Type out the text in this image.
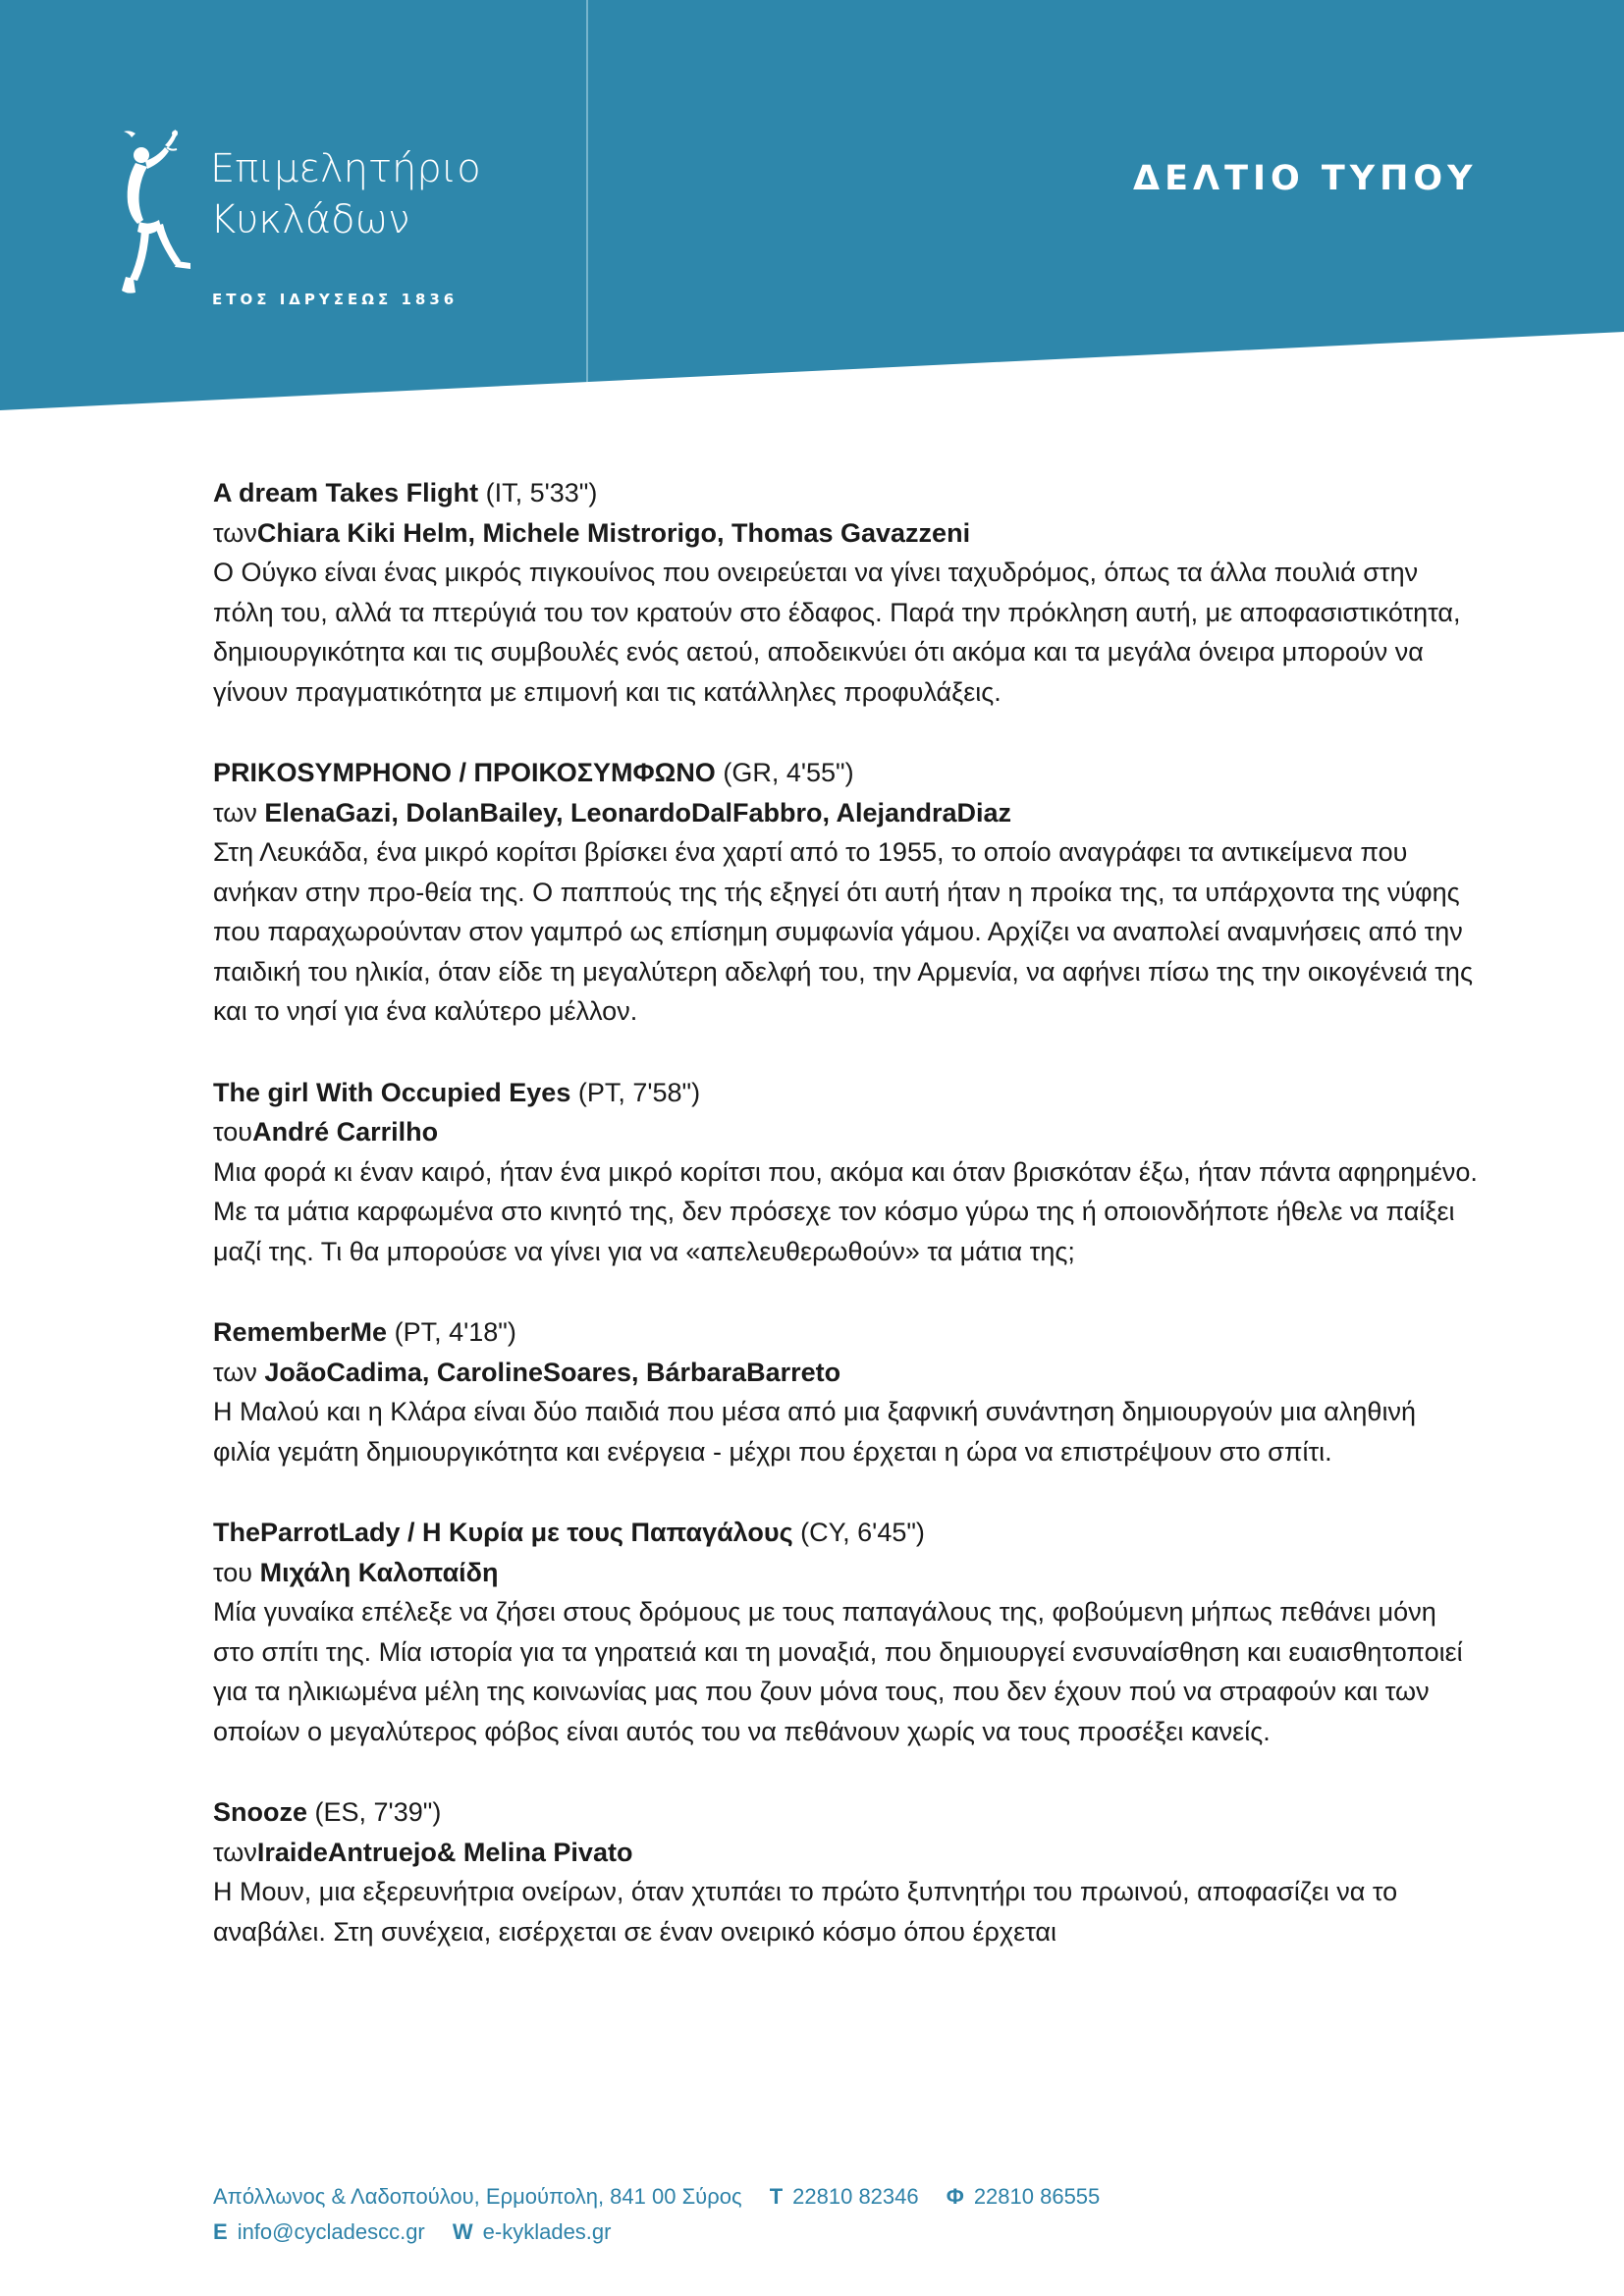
Επιμελητήριο
Κυκλάδων
ΕΤΟΣ ΙΔΡΥΣΕΩΣ 1836
ΔΕΛΤΙΟ ΤΥΠΟΥ

A dream Takes Flight (IT, 5'33")

τωνChiara Kiki Helm, Michele Mistrorigo, Thomas Gavazzeni

Ο Ούγκο είναι ένας μικρός πιγκουίνος που ονειρεύεται να γίνει ταχυδρόμος, όπως τα άλλα πουλιά στην πόλη του, αλλά τα πτερύγιά του τον κρατούν στο έδαφος. Παρά την πρόκληση αυτή, με αποφασιστικότητα, δημιουργικότητα και τις συμβουλές ενός αετού, αποδεικνύει ότι ακόμα και τα μεγάλα όνειρα μπορούν να γίνουν πραγματικότητα με επιμονή και τις κατάλληλες προφυλάξεις.

PRIKOSYMPHONO / ΠΡΟΙΚΟΣΥΜΦΩΝΟ (GR, 4'55")

των ElenaGazi, DolanBailey, LeonardoDalFabbro, AlejandraDiaz

Στη Λευκάδα, ένα μικρό κορίτσι βρίσκει ένα χαρτί από το 1955, το οποίο αναγράφει τα αντικείμενα που ανήκαν στην προ-θεία της. Ο παππούς της τής εξηγεί ότι αυτή ήταν η προίκα της, τα υπάρχοντα της νύφης που παραχωρούνταν στον γαμπρό ως επίσημη συμφωνία γάμου. Αρχίζει να αναπολεί αναμνήσεις από την παιδική του ηλικία, όταν είδε τη μεγαλύτερη αδελφή του, την Αρμενία, να αφήνει πίσω της την οικογένειά της και το νησί για ένα καλύτερο μέλλον.

The girl With Occupied Eyes (PT, 7'58")

τουAndré Carrilho

Μια φορά κι έναν καιρό, ήταν ένα μικρό κορίτσι που, ακόμα και όταν βρισκόταν έξω, ήταν πάντα αφηρημένο. Με τα μάτια καρφωμένα στο κινητό της, δεν πρόσεχε τον κόσμο γύρω της ή οποιονδήποτε ήθελε να παίξει μαζί της. Τι θα μπορούσε να γίνει για να «απελευθερωθούν» τα μάτια της;

RememberMe (PT, 4'18")

των JoãoCadima, CarolineSoares, BárbaraBarreto

Η Μαλού και η Κλάρα είναι δύο παιδιά που μέσα από μια ξαφνική συνάντηση δημιουργούν μια αληθινή φιλία γεμάτη δημιουργικότητα και ενέργεια - μέχρι που έρχεται η ώρα να επιστρέψουν στο σπίτι.

TheParrotLady / Η Κυρία με τους Παπαγάλους (CY, 6'45")

του Μιχάλη Καλοπαίδη

Μία γυναίκα επέλεξε να ζήσει στους δρόμους με τους παπαγάλους της, φοβούμενη μήπως πεθάνει μόνη στο σπίτι της. Μία ιστορία για τα γηρατειά και τη μοναξιά, που δημιουργεί ενσυναίσθηση και ευαισθητοποιεί για τα ηλικιωμένα μέλη της κοινωνίας μας που ζουν μόνα τους, που δεν έχουν πού να στραφούν και των οποίων ο μεγαλύτερος φόβος είναι αυτός του να πεθάνουν χωρίς να τους προσέξει κανείς.

Snooze (ES, 7'39")

τωνIraideAntruejo& Melina Pivato

Η Μουν, μια εξερευνήτρια ονείρων, όταν χτυπάει το πρώτο ξυπνητήρι του πρωινού, αποφασίζει να το αναβάλει. Στη συνέχεια, εισέρχεται σε έναν ονειρικό κόσμο όπου έρχεται

Απόλλωνος & Λαδοπούλου, Ερμούπολη, 841 00 Σύρος T 22810 82346 Φ 22810 86555
E info@cycladescc.gr W e-kyklades.gr
